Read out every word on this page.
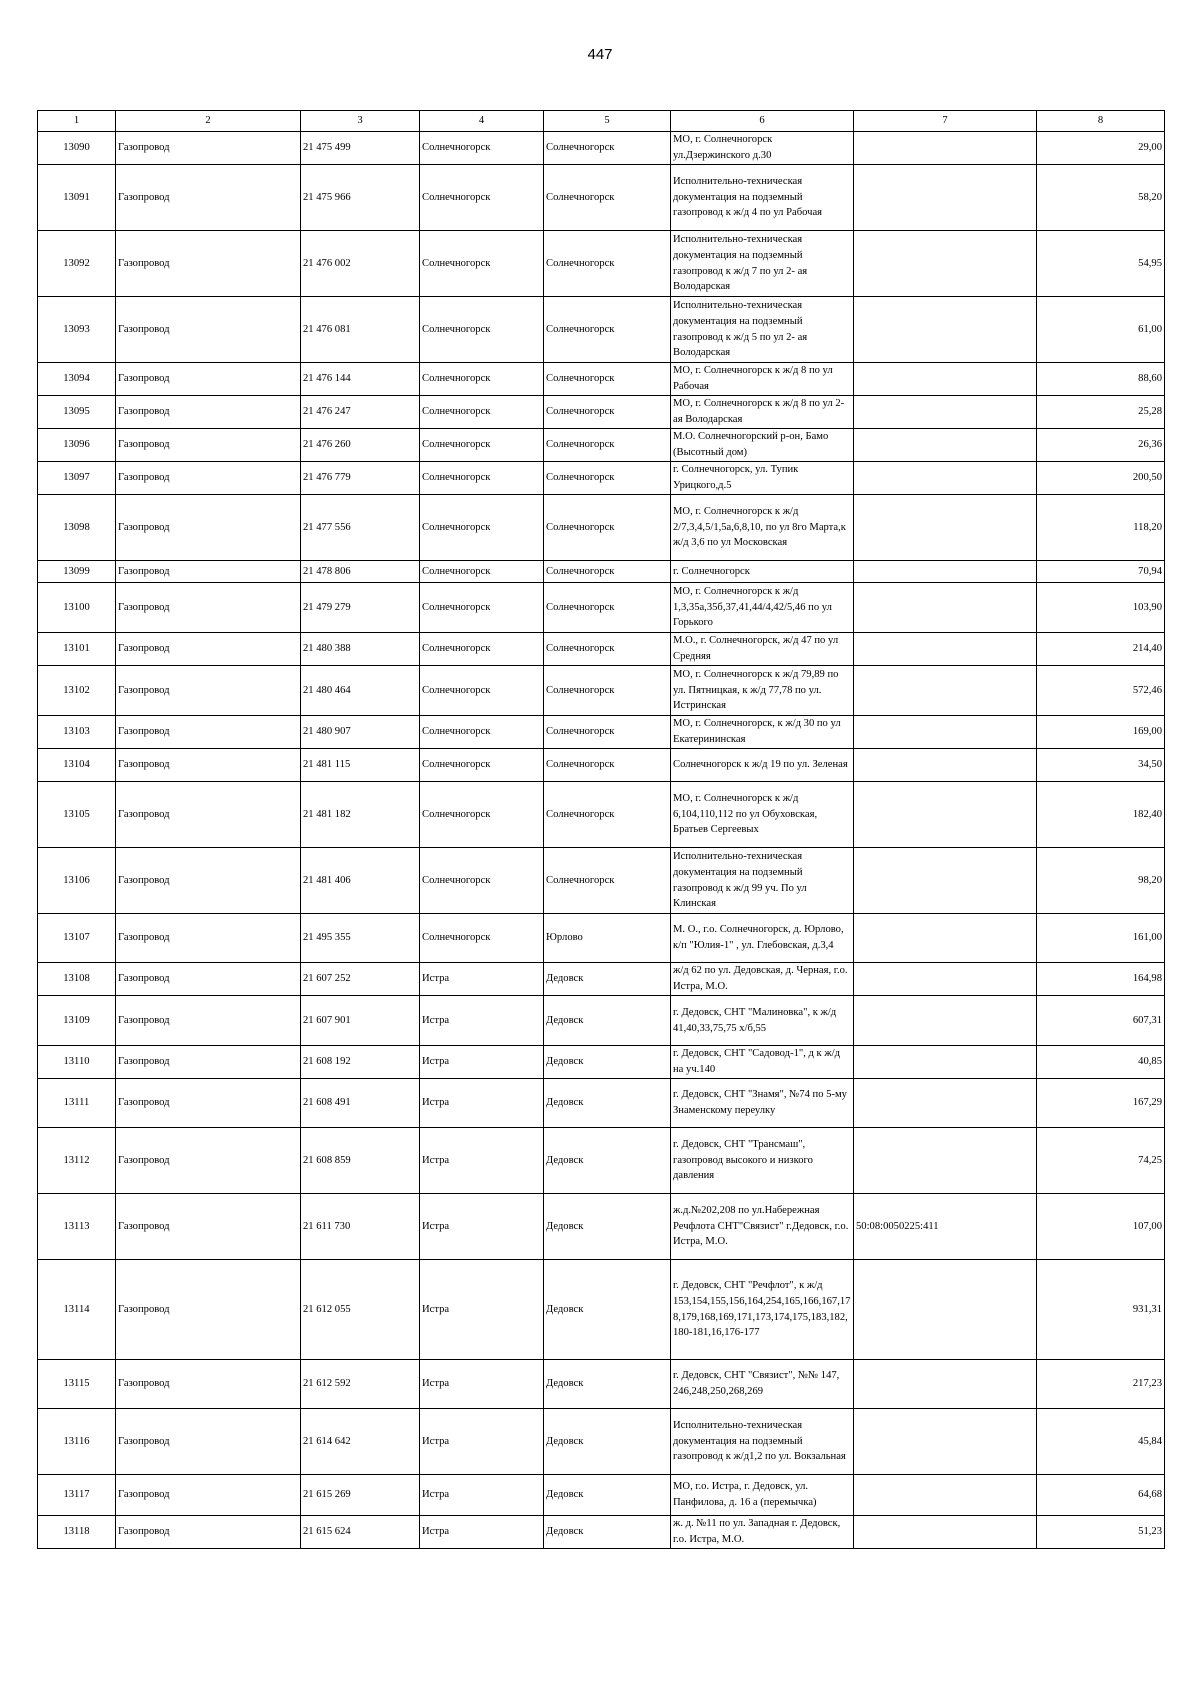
447
1	2	3	4	5	6	7	8
13090	Газопровод	21 475 499	Солнечногорск	Солнечногорск	МО, г. Солнечногорск ул.Дзержинского д.30		29,00
13091	Газопровод	21 475 966	Солнечногорск	Солнечногорск	Исполнительно-техническая документация на подземный газопровод к ж/д 4 по ул Рабочая		58,20
13092	Газопровод	21 476 002	Солнечногорск	Солнечногорск	Исполнительно-техническая документация на подземный газопровод к ж/д 7 по ул 2- ая Володарская		54,95
13093	Газопровод	21 476 081	Солнечногорск	Солнечногорск	Исполнительно-техническая документация на подземный газопровод к ж/д 5 по ул 2- ая Володарская		61,00
13094	Газопровод	21 476 144	Солнечногорск	Солнечногорск	МО, г. Солнечногорск к ж/д 8 по ул Рабочая		88,60
13095	Газопровод	21 476 247	Солнечногорск	Солнечногорск	МО, г. Солнечногорск к ж/д 8 по ул 2- ая Володарская		25,28
13096	Газопровод	21 476 260	Солнечногорск	Солнечногорск	М.О. Солнечногорский р-он, Бамо (Высотный дом)		26,36
13097	Газопровод	21 476 779	Солнечногорск	Солнечногорск	г. Солнечногорск, ул. Тупик Урицкого,д.5		200,50
13098	Газопровод	21 477 556	Солнечногорск	Солнечногорск	МО, г. Солнечногорск к ж/д 2/7,3,4,5/1,5а,6,8,10, по ул 8го Марта,к ж/д 3,6 по ул Московская		118,20
13099	Газопровод	21 478 806	Солнечногорск	Солнечногорск	г. Солнечногорск		70,94
13100	Газопровод	21 479 279	Солнечногорск	Солнечногорск	МО, г. Солнечногорск к ж/д 1,3,35а,35б,37,41,44/4,42/5,46 по ул Горького		103,90
13101	Газопровод	21 480 388	Солнечногорск	Солнечногорск	М.О., г. Солнечногорск, ж/д 47 по ул Средняя		214,40
13102	Газопровод	21 480 464	Солнечногорск	Солнечногорск	МО, г. Солнечногорск к ж/д 79,89 по ул. Пятницкая, к ж/д 77,78 по ул. Истринская		572,46
13103	Газопровод	21 480 907	Солнечногорск	Солнечногорск	МО, г. Солнечногорск, к ж/д 30 по ул Екатерининская		169,00
13104	Газопровод	21 481 115	Солнечногорск	Солнечногорск	Солнечногорск к ж/д 19 по ул. Зеленая		34,50
13105	Газопровод	21 481 182	Солнечногорск	Солнечногорск	МО, г. Солнечногорск к ж/д 6,104,110,112 по ул Обуховская, Братьев Сергеевых		182,40
13106	Газопровод	21 481 406	Солнечногорск	Солнечногорск	Исполнительно-техническая документация на подземный газопровод к ж/д 99 уч. По ул Клинская		98,20
13107	Газопровод	21 495 355	Солнечногорск	Юрлово	М. О., г.о. Солнечногорск, д. Юрлово, к/п "Юлия-1" , ул. Глебовская, д.3,4		161,00
13108	Газопровод	21 607 252	Истра	Дедовск	ж/д 62 по ул. Дедовская, д. Черная, г.о. Истра, М.О.		164,98
13109	Газопровод	21 607 901	Истра	Дедовск	г. Дедовск, СНТ "Малиновка", к ж/д 41,40,33,75,75 х/б,55		607,31
13110	Газопровод	21 608 192	Истра	Дедовск	г. Дедовск, СНТ "Садовод-1", д к ж/д на уч.140		40,85
13111	Газопровод	21 608 491	Истра	Дедовск	г. Дедовск, СНТ "Знамя", №74 по 5-му Знаменскому переулку		167,29
13112	Газопровод	21 608 859	Истра	Дедовск	г. Дедовск, СНТ "Трансмаш", газопровод высокого и низкого давления		74,25
13113	Газопровод	21 611 730	Истра	Дедовск	ж.д.№202,208 по ул.Набережная Речфлота СНТ"Связист" г.Дедовск, г.о. Истра, М.О.	50:08:0050225:411	107,00
13114	Газопровод	21 612 055	Истра	Дедовск	г. Дедовск, СНТ "Речфлот", к ж/д 153,154,155,156,164,254,165,166,167,178,179,168,169,171,173,174,175,183,182,180-181,16,176-177		931,31
13115	Газопровод	21 612 592	Истра	Дедовск	г. Дедовск, СНТ "Связист", №№ 147, 246,248,250,268,269		217,23
13116	Газопровод	21 614 642	Истра	Дедовск	Исполнительно-техническая документация на подземный газопровод к ж/д1,2 по ул. Вокзальная		45,84
13117	Газопровод	21 615 269	Истра	Дедовск	МО, г.о. Истра, г. Дедовск, ул. Панфилова, д. 16 а (перемычка)		64,68
13118	Газопровод	21 615 624	Истра	Дедовск	ж. д. №11 по ул. Западная г. Дедовск, г.о. Истра, М.О.		51,23
